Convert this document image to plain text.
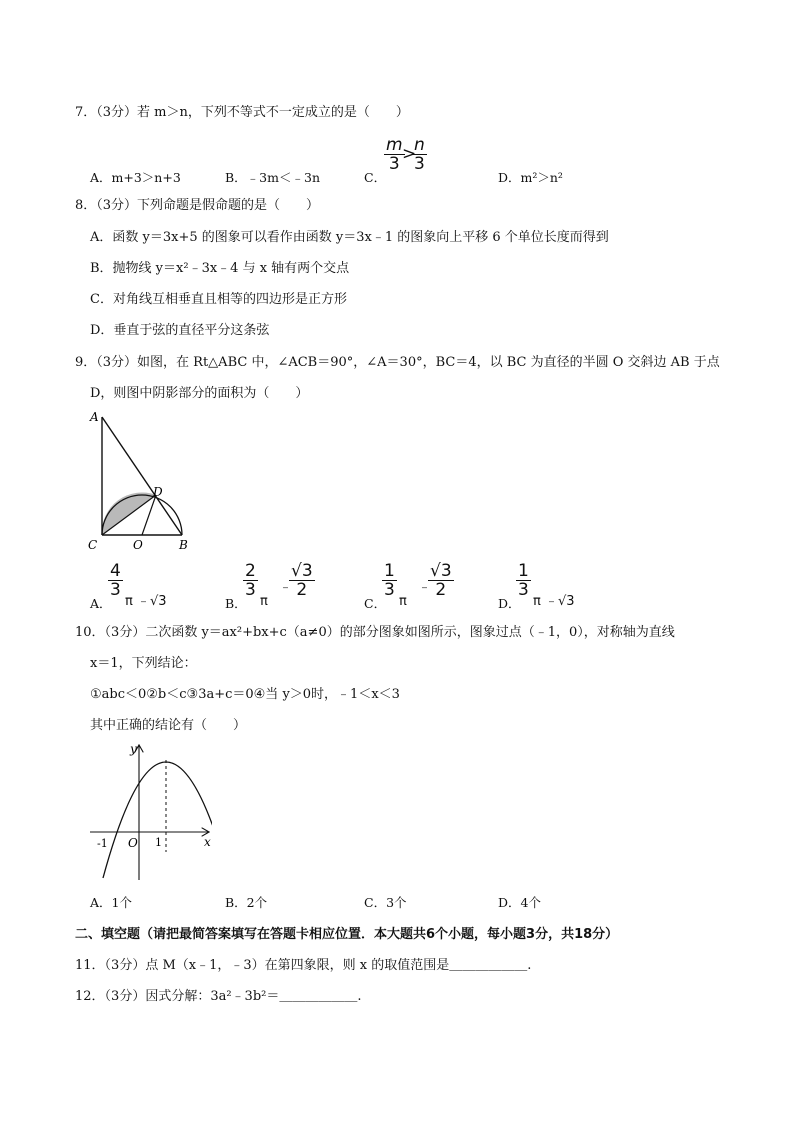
7．（3分）若 m＞n，下列不等式不一定成立的是（　　）
A．m+3＞n+3	B．﹣3m＜﹣3n	C．
$\frac{m}{3}$
>
$\frac{n}{3}$
D．m²＞n²
8．（3分）下列命题是假命题的是（　　）
A．函数 y＝3x+5 的图象可以看作由函数 y＝3x﹣1 的图象向上平移 6 个单位长度而得到
B．抛物线 y＝x²﹣3x﹣4 与 x 轴有两个交点
C．对角线互相垂直且相等的四边形是正方形
D．垂直于弦的直径平分这条弦
9．（3分）如图，在 Rt△ABC 中，∠ACB＝90°，∠A＝30°，BC＝4，以 BC 为直径的半圆 O 交斜边 AB 于点
D，则图中阴影部分的面积为（　　）
A
C	O	B
D
A．
$\frac{4}{3}$
π ﹣√3	B．
$\frac{2}{3}$
π
﹣
$\frac{√3}{2}$
C．
$\frac{1}{3}$
π
﹣
$\frac{√3}{2}$
D．
$\frac{1}{3}$
π ﹣√3
10．（3分）二次函数 y＝ax²+bx+c（a≠0）的部分图象如图所示，图象过点（﹣1，0），对称轴为直线
x＝1，下列结论：
①abc＜0②b＜c③3a+c＝0④当 y＞0时，﹣1＜x＜3
其中正确的结论有（　　）
y
x
O
-1	1
A．1个	B．2个	C．3个	D．4个
二、填空题（请把最简答案填写在答题卡相应位置．本大题共6个小题，每小题3分，共18分）
11．（3分）点 M（x﹣1，﹣3）在第四象限，则 x 的取值范围是＿＿＿＿＿＿.
12．（3分）因式分解：3a²﹣3b²＝＿＿＿＿＿＿.
